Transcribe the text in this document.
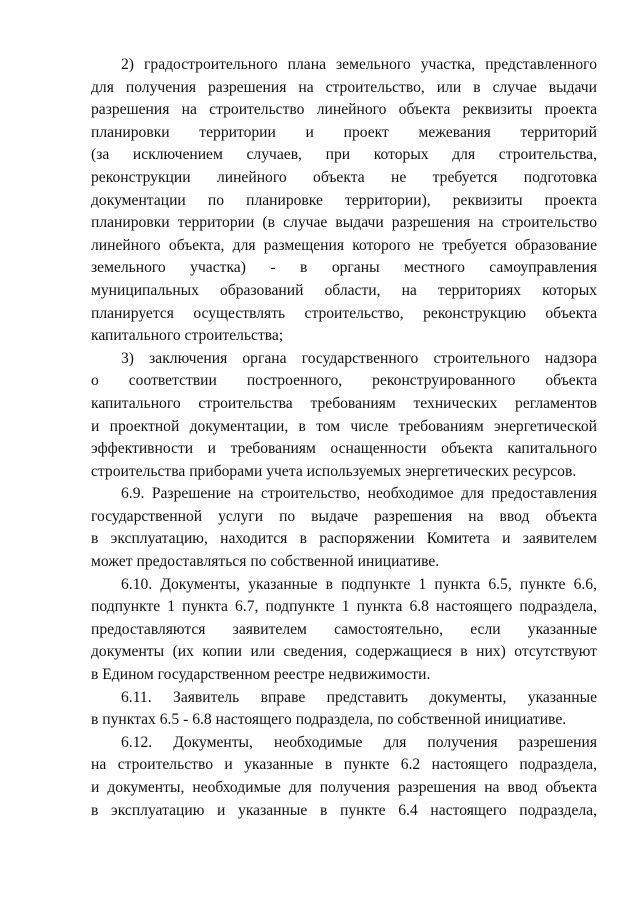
2) градостроительного плана земельного участка, представленного
для получения разрешения на строительство, или в случае выдачи
разрешения на строительство линейного объекта реквизиты проекта
планировки территории и проект межевания территорий
(за исключением случаев, при которых для строительства,
реконструкции линейного объекта не требуется подготовка
документации по планировке территории), реквизиты проекта
планировки территории (в случае выдачи разрешения на строительство
линейного объекта, для размещения которого не требуется образование
земельного участка) - в органы местного самоуправления
муниципальных образований области, на территориях которых
планируется осуществлять строительство, реконструкцию объекта
капитального строительства;
3) заключения органа государственного строительного надзора
о соответствии построенного, реконструированного объекта
капитального строительства требованиям технических регламентов
и проектной документации, в том числе требованиям энергетической
эффективности и требованиям оснащенности объекта капитального
строительства приборами учета используемых энергетических ресурсов.
6.9. Разрешение на строительство, необходимое для предоставления
государственной услуги по выдаче разрешения на ввод объекта
в эксплуатацию, находится в распоряжении Комитета и заявителем
может предоставляться по собственной инициативе.
6.10. Документы, указанные в подпункте 1 пункта 6.5, пункте 6.6,
подпункте 1 пункта 6.7, подпункте 1 пункта 6.8 настоящего подраздела,
предоставляются заявителем самостоятельно, если указанные
документы (их копии или сведения, содержащиеся в них) отсутствуют
в Едином государственном реестре недвижимости.
6.11. Заявитель вправе представить документы, указанные
в пунктах 6.5 - 6.8 настоящего подраздела, по собственной инициативе.
6.12. Документы, необходимые для получения разрешения
на строительство и указанные в пункте 6.2 настоящего подраздела,
и документы, необходимые для получения разрешения на ввод объекта
в эксплуатацию и указанные в пункте 6.4 настоящего подраздела,
